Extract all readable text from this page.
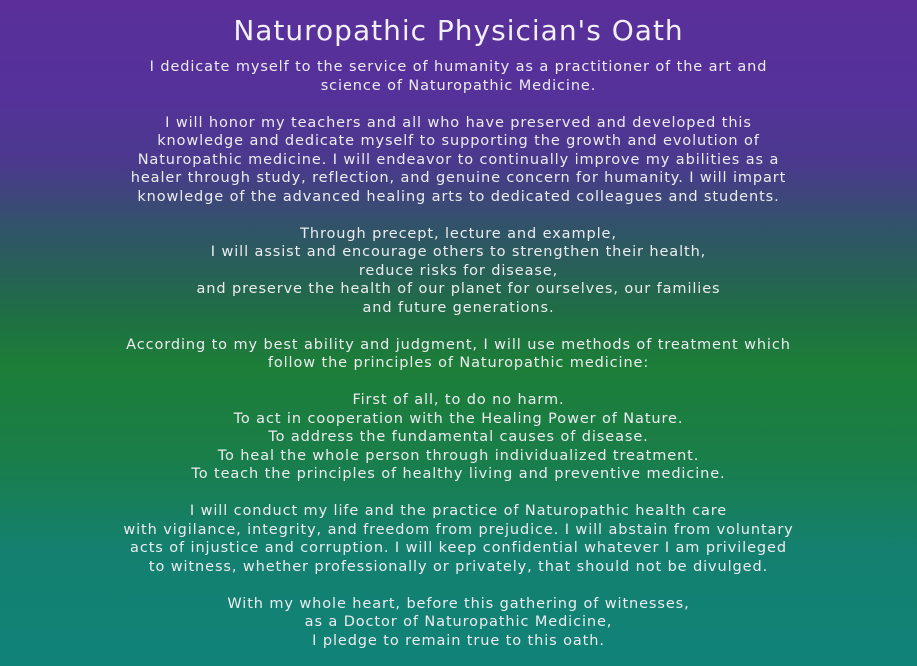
Naturopathic Physician's Oath

I dedicate myself to the service of humanity as a practitioner of the art and
science of Naturopathic Medicine.

I will honor my teachers and all who have preserved and developed this
knowledge and dedicate myself to supporting the growth and evolution of
Naturopathic medicine. I will endeavor to continually improve my abilities as a
healer through study, reflection, and genuine concern for humanity. I will impart
knowledge of the advanced healing arts to dedicated colleagues and students.

Through precept, lecture and example,
I will assist and encourage others to strengthen their health,
reduce risks for disease,
and preserve the health of our planet for ourselves, our families
and future generations.

According to my best ability and judgment, I will use methods of treatment which
follow the principles of Naturopathic medicine:

First of all, to do no harm.
To act in cooperation with the Healing Power of Nature.
To address the fundamental causes of disease.
To heal the whole person through individualized treatment.
To teach the principles of healthy living and preventive medicine.

I will conduct my life and the practice of Naturopathic health care
with vigilance, integrity, and freedom from prejudice. I will abstain from voluntary
acts of injustice and corruption. I will keep confidential whatever I am privileged
to witness, whether professionally or privately, that should not be divulged.

With my whole heart, before this gathering of witnesses,
as a Doctor of Naturopathic Medicine,
I pledge to remain true to this oath.
